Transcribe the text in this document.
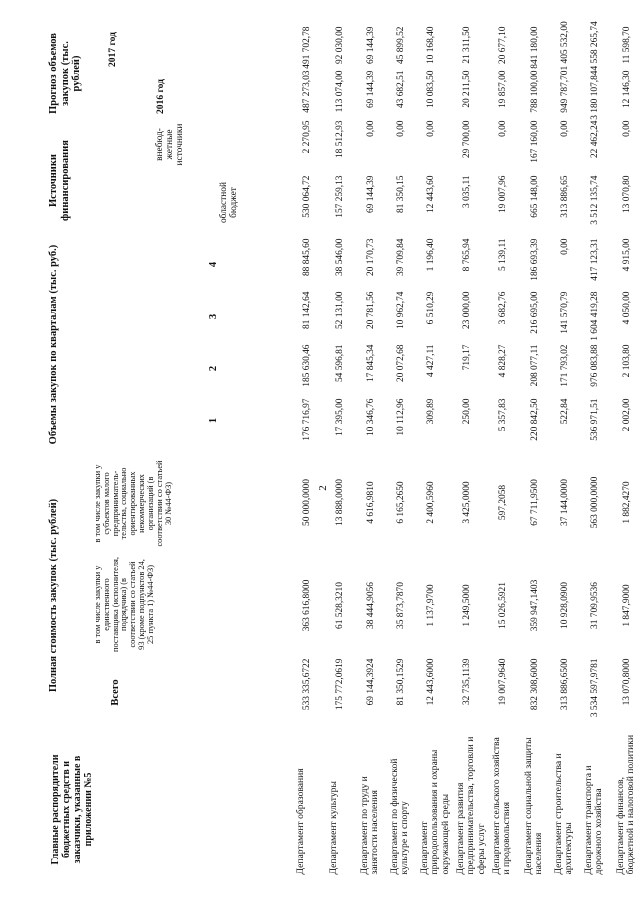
2
Главные распорядители бюджетных средств и заказчики, указанные в приложении №5
Полная стоимость закупок (тыс. рублей)
Всего
в том числе закупки у единственного поставщика (исполнителя, подрядчика) (в соответствии со статьей 93 (кроме подпунктов 24, 25 пункта 1) №44-ФЗ)
в том числе закупки у субъектов малого предприниматель-тельства, социально ориентированных некоммерческих организаций (в соответствии со статьей 30 №44-ФЗ)
Объемы закупок по кварталам (тыс. руб.)	1
2
3
4
Источники финансирования	областной бюджет
внебюд-жетные источники
Прогноз объемов закупок (тыс. рублей)
2016 год
2017 год
Департамент образования
533 335,6722
363 616,8000
50 000,0000
176 716,97
185 630,46
81 142,64
88 845,60
530 064,72
2 270,95
487 273,03
491 702,78
Департамент культуры
175 772,0619
61 528,3210
13 888,0000
17 395,00
54 596,81
52 131,00
38 546,00
157 259,13
18 512,93
113 074,00
92 030,00
Департамент по труду и занятости населения
69 144,3924
38 444,9056
4 616,9810
10 346,76
17 845,34
20 781,56
20 170,73
69 144,39
0,00
69 144,39
69 144,39
Департамент по физической культуре и спорту
81 350,1529
35 873,7870
6 165,2650
10 112,96
20 072,68
10 962,74
39 709,84
81 350,15
0,00
43 682,51
45 899,52
Департамент природопользования и охраны окружающей среды
12 443,6000
1 137,9700
2 400,5960
309,89
4 427,11
6 510,29
1 196,40
12 443,60
0,00
10 083,50
10 168,40
Департамент развития предпринимательства, торговли и сферы услуг
32 735,1139
1 249,5000
3 425,0000
250,00
719,17
23 000,00
8 765,94
3 035,11
29 700,00
20 211,50
21 311,50
Департамент сельского хозяйства и продовольствия
19 007,9640
15 026,5921
597,2058
5 357,83
4 828,27
3 682,76
5 139,11
19 007,96
0,00
19 857,00
20 677,10
Департамент социальной защиты населения
832 308,6000
359 947,1403
67 711,9500
220 842,50
208 077,11
216 695,00
186 693,39
665 148,00
167 160,00
788 100,00
841 180,00
Департамент строительства и архитектуры
313 886,6500
10 928,0900
37 144,0000
522,84
171 793,02
141 570,79
0,00
313 886,65
0,00
949 787,70
1 405 532,00
Департамент транспорта и дорожного хозяйства
3 534 597,9781
31 709,9536
563 000,0000
536 971,51
976 083,88
1 604 419,28
417 123,31
3 512 135,74
22 462,24
3 180 107,84
4 558 265,74
Департамент финансов, бюджетной и налоговой политики
13 070,8000
1 847,9000
1 882,4270
2 002,00
2 103,80
4 050,00
4 915,00
13 070,80
0,00
12 146,30
11 598,70
